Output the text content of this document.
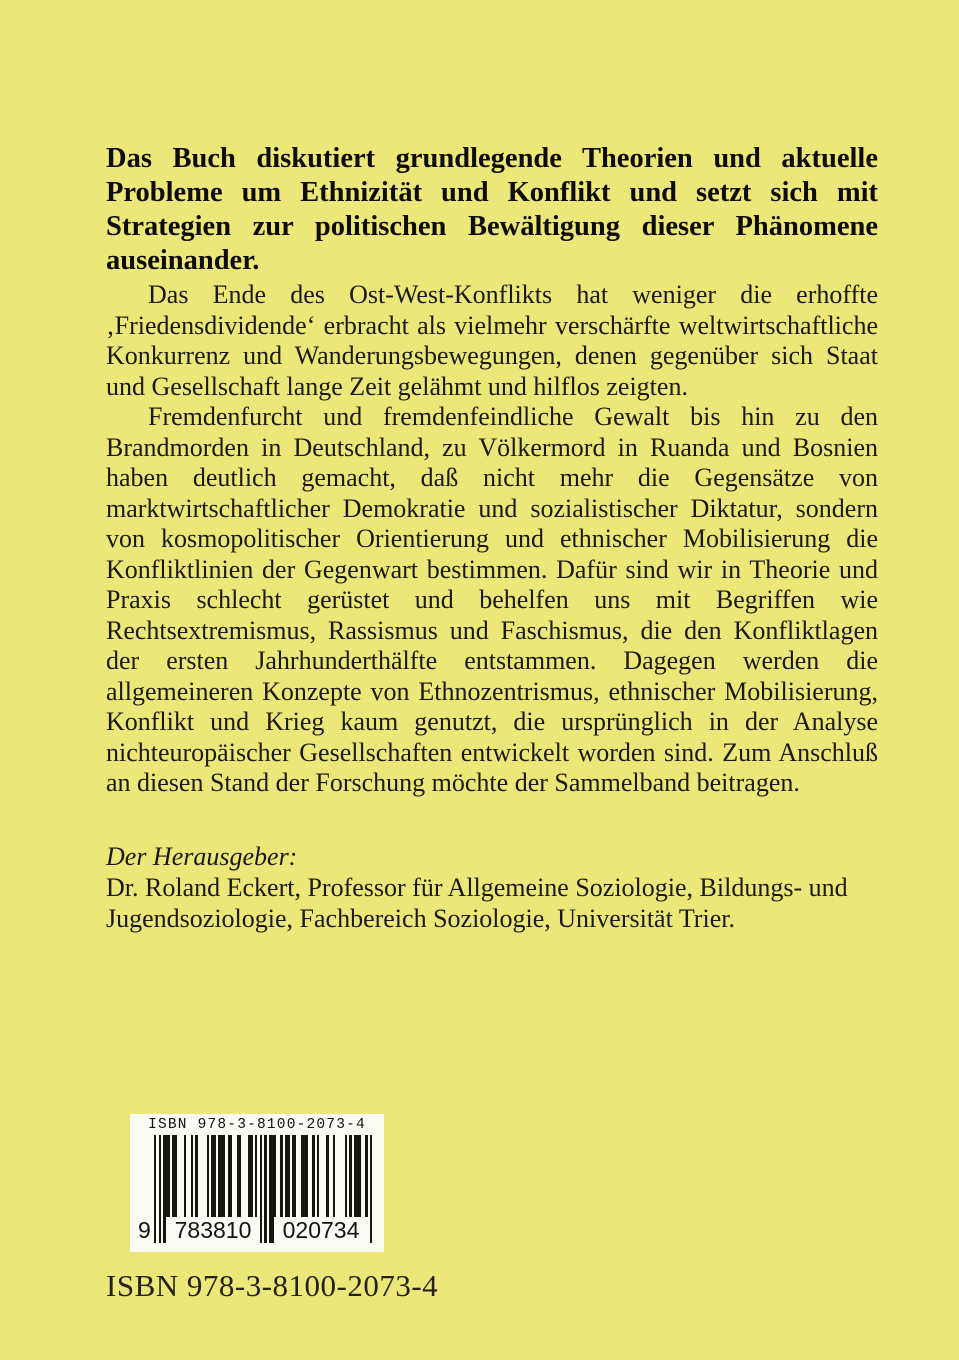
Das Buch diskutiert grundlegende Theorien und aktuelle Probleme um Ethnizität und Konflikt und setzt sich mit Strategien zur politischen Bewältigung dieser Phänomene auseinander.

Das Ende des Ost-West-Konflikts hat weniger die erhoffte ‚Friedensdividende‘ erbracht als vielmehr verschärfte weltwirtschaftliche Konkurrenz und Wanderungsbewegungen, denen gegenüber sich Staat und Gesellschaft lange Zeit gelähmt und hilflos zeigten.

Fremdenfurcht und fremdenfeindliche Gewalt bis hin zu den Brandmorden in Deutschland, zu Völkermord in Ruanda und Bosnien haben deutlich gemacht, daß nicht mehr die Gegensätze von marktwirtschaftlicher Demokratie und sozialistischer Diktatur, sondern von kosmopolitischer Orientierung und ethnischer Mobilisierung die Konfliktlinien der Gegenwart bestimmen. Dafür sind wir in Theorie und Praxis schlecht gerüstet und behelfen uns mit Begriffen wie Rechtsextremismus, Rassismus und Faschismus, die den Konfliktlagen der ersten Jahrhunderthälfte entstammen. Dagegen werden die allgemeineren Konzepte von Ethnozentrismus, ethnischer Mobilisierung, Konflikt und Krieg kaum genutzt, die ursprünglich in der Analyse nichteuropäischer Gesellschaften entwickelt worden sind. Zum Anschluß an diesen Stand der Forschung möchte der Sammelband beitragen.

Der Herausgeber:

Dr. Roland Eckert, Professor für Allgemeine Soziologie, Bildungs- und Jugendsoziologie, Fachbereich Soziologie, Universität Trier.

ISBN 978-3-8100-2073-4
9	783810	020734
ISBN 978-3-8100-2073-4
